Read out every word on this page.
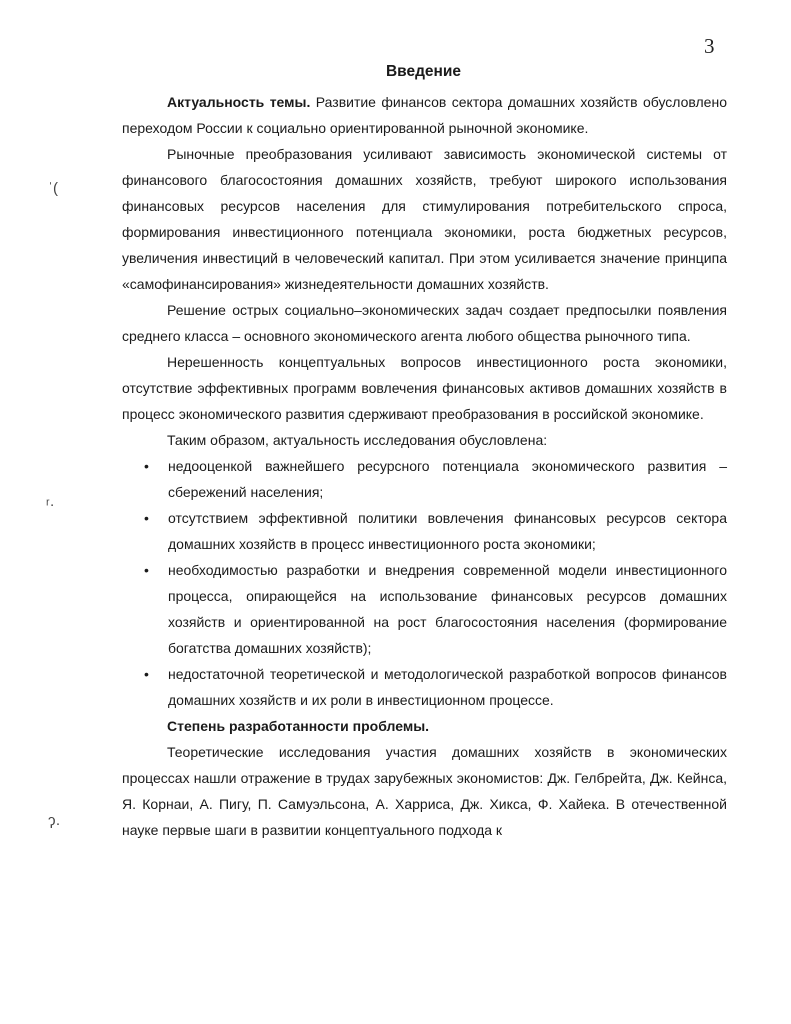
3
Введение
ˈ(
ʳ·
ʔ·

Актуальность темы. Развитие финансов сектора домашних хозяйств обусловлено переходом России к социально ориентированной рыночной экономике.

Рыночные преобразования усиливают зависимость экономической системы от финансового благосостояния домашних хозяйств, требуют широкого использования финансовых ресурсов населения для стимулирования потребительского спроса, формирования инвестиционного потенциала экономики, роста бюджетных ресурсов, увеличения инвестиций в человеческий капитал. При этом усиливается значение принципа «самофинансирования» жизнедеятельности домашних хозяйств.

Решение острых социально–экономических задач создает предпосылки появления среднего класса – основного экономического агента любого общества рыночного типа.

Нерешенность концептуальных вопросов инвестиционного роста экономики, отсутствие эффективных программ вовлечения финансовых активов домашних хозяйств в процесс экономического развития сдерживают преобразования в российской экономике.

Таким образом, актуальность исследования обусловлена:

• недооценкой важнейшего ресурсного потенциала экономического развития – сбережений населения;
• отсутствием эффективной политики вовлечения финансовых ресурсов сектора домашних хозяйств в процесс инвестиционного роста экономики;
• необходимостью разработки и внедрения современной модели инвестиционного процесса, опирающейся на использование финансовых ресурсов домашних хозяйств и ориентированной на рост благосостояния населения (формирование богатства домашних хозяйств);
• недостаточной теоретической и методологической разработкой вопросов финансов домашних хозяйств и их роли в инвестиционном процессе.

Степень разработанности проблемы.

Теоретические исследования участия домашних хозяйств в экономических процессах нашли отражение в трудах зарубежных экономистов: Дж. Гелбрейта, Дж. Кейнса, Я. Корнаи, А. Пигу, П. Самуэльсона, А. Харриса, Дж. Хикса, Ф. Хайека. В отечественной науке первые шаги в развитии концептуального подхода к
